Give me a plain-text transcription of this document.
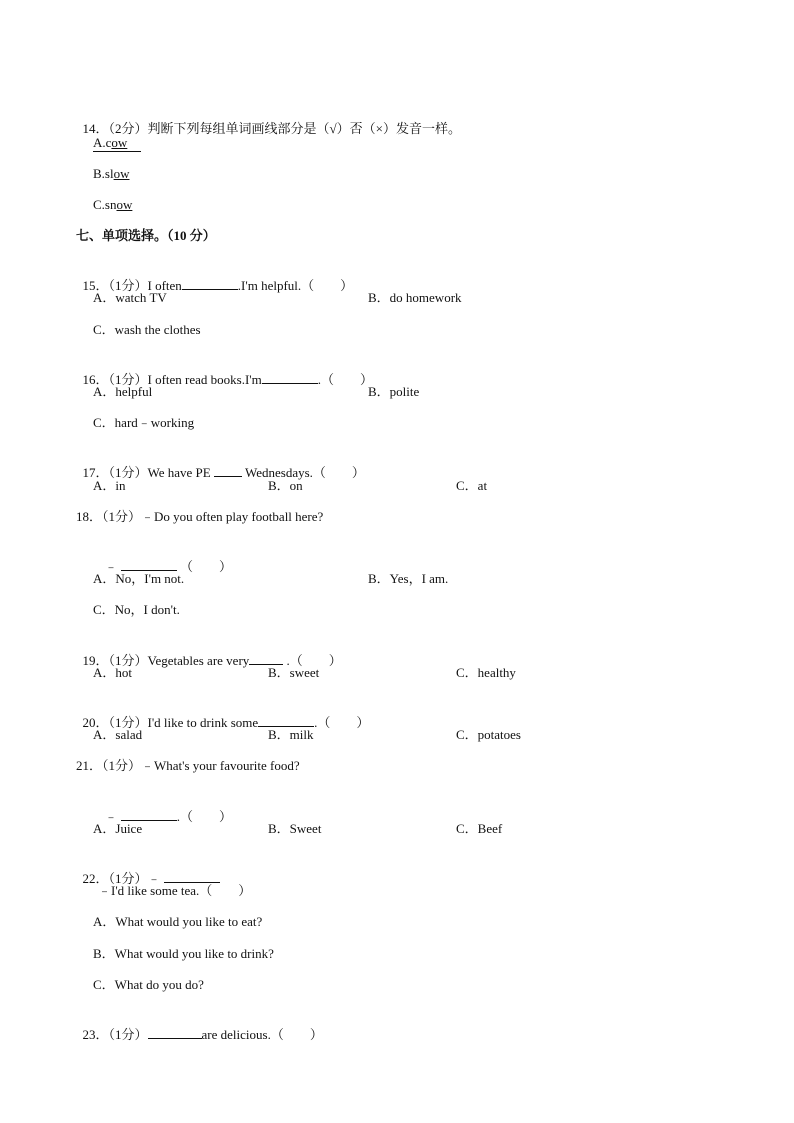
14．（2分）判断下列每组单词画线部分是（√）否（×）发音一样。

A.cow
B.slow
C.snow
七、单项选择。（10 分）

15．（1分）I often	.I'm helpful.（　　）

A．watch TV	B．do homework
C．wash the clothes

16．（1分）I often read books.I'm	.（　　）

A．helpful	B．polite
C．hard﹣working

17．（1分）We have PE	Wednesdays.（　　）

A．in	B．on	C．at
18．（1分）﹣Do you often play football here?

﹣	（　　）

A．No，I'm not.	B．Yes，I am.
C．No，I don't.

19．（1分）Vegetables are very	.（　　）

A．hot	B．sweet	C．healthy

20．（1分）I'd like to drink some	.（　　）

A．salad	B．milk	C．potatoes
21．（1分）﹣What's your favourite food?

﹣	.（　　）

A．Juice	B．Sweet	C．Beef

22．（1分）﹣

﹣I'd like some tea.（　　）
A．What would you like to eat?
B．What would you like to drink?
C．What do you do?

23．（1分）	are delicious.（　　）
